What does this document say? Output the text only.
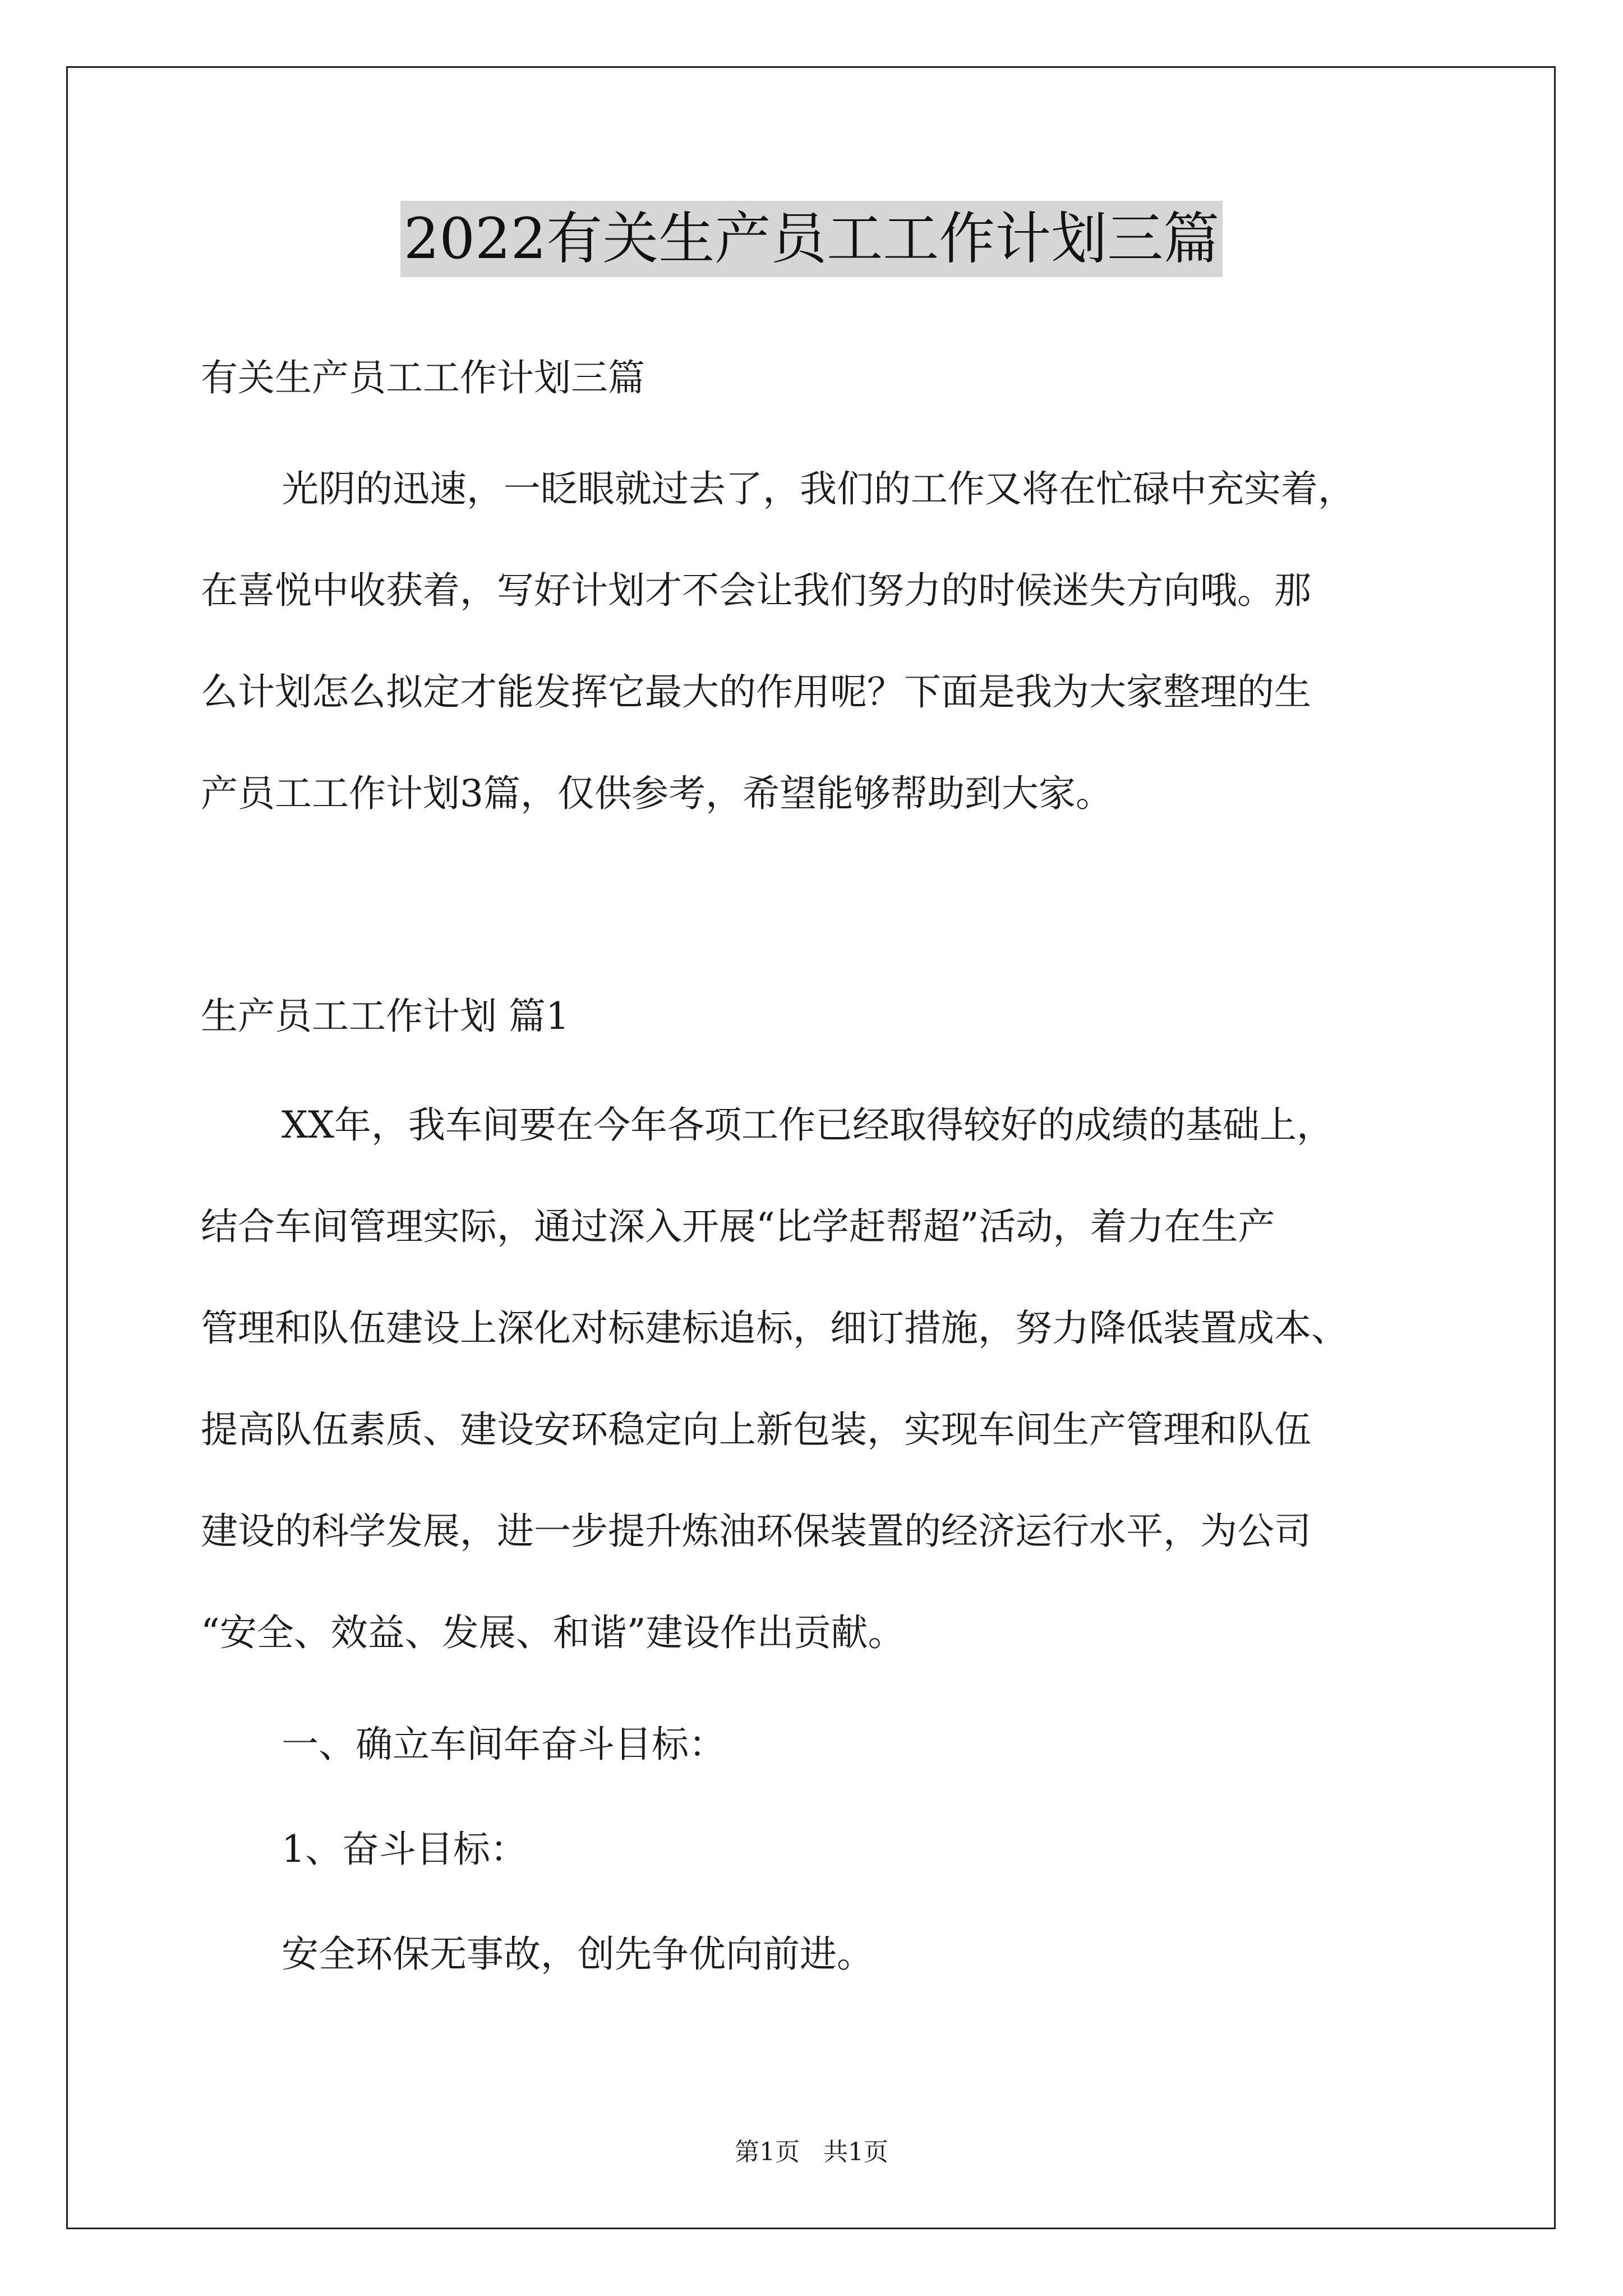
2022有关生产员工工作计划三篇

有关生产员工工作计划三篇

光阴的迅速，一眨眼就过去了，我们的工作又将在忙碌中充实着，

在喜悦中收获着，写好计划才不会让我们努力的时候迷失方向哦。那

么计划怎么拟定才能发挥它最大的作用呢？下面是我为大家整理的生

产员工工作计划3篇，仅供参考，希望能够帮助到大家。

生产员工工作计划 篇1

XX年，我车间要在今年各项工作已经取得较好的成绩的基础上，

结合车间管理实际，通过深入开展“比学赶帮超”活动，着力在生产

管理和队伍建设上深化对标建标追标，细订措施，努力降低装置成本、

提高队伍素质、建设安环稳定向上新包装，实现车间生产管理和队伍

建设的科学发展，进一步提升炼油环保装置的经济运行水平，为公司

“安全、效益、发展、和谐”建设作出贡献。

一、确立车间年奋斗目标：

1、奋斗目标：

安全环保无事故，创先争优向前进。

第1页   共1页
